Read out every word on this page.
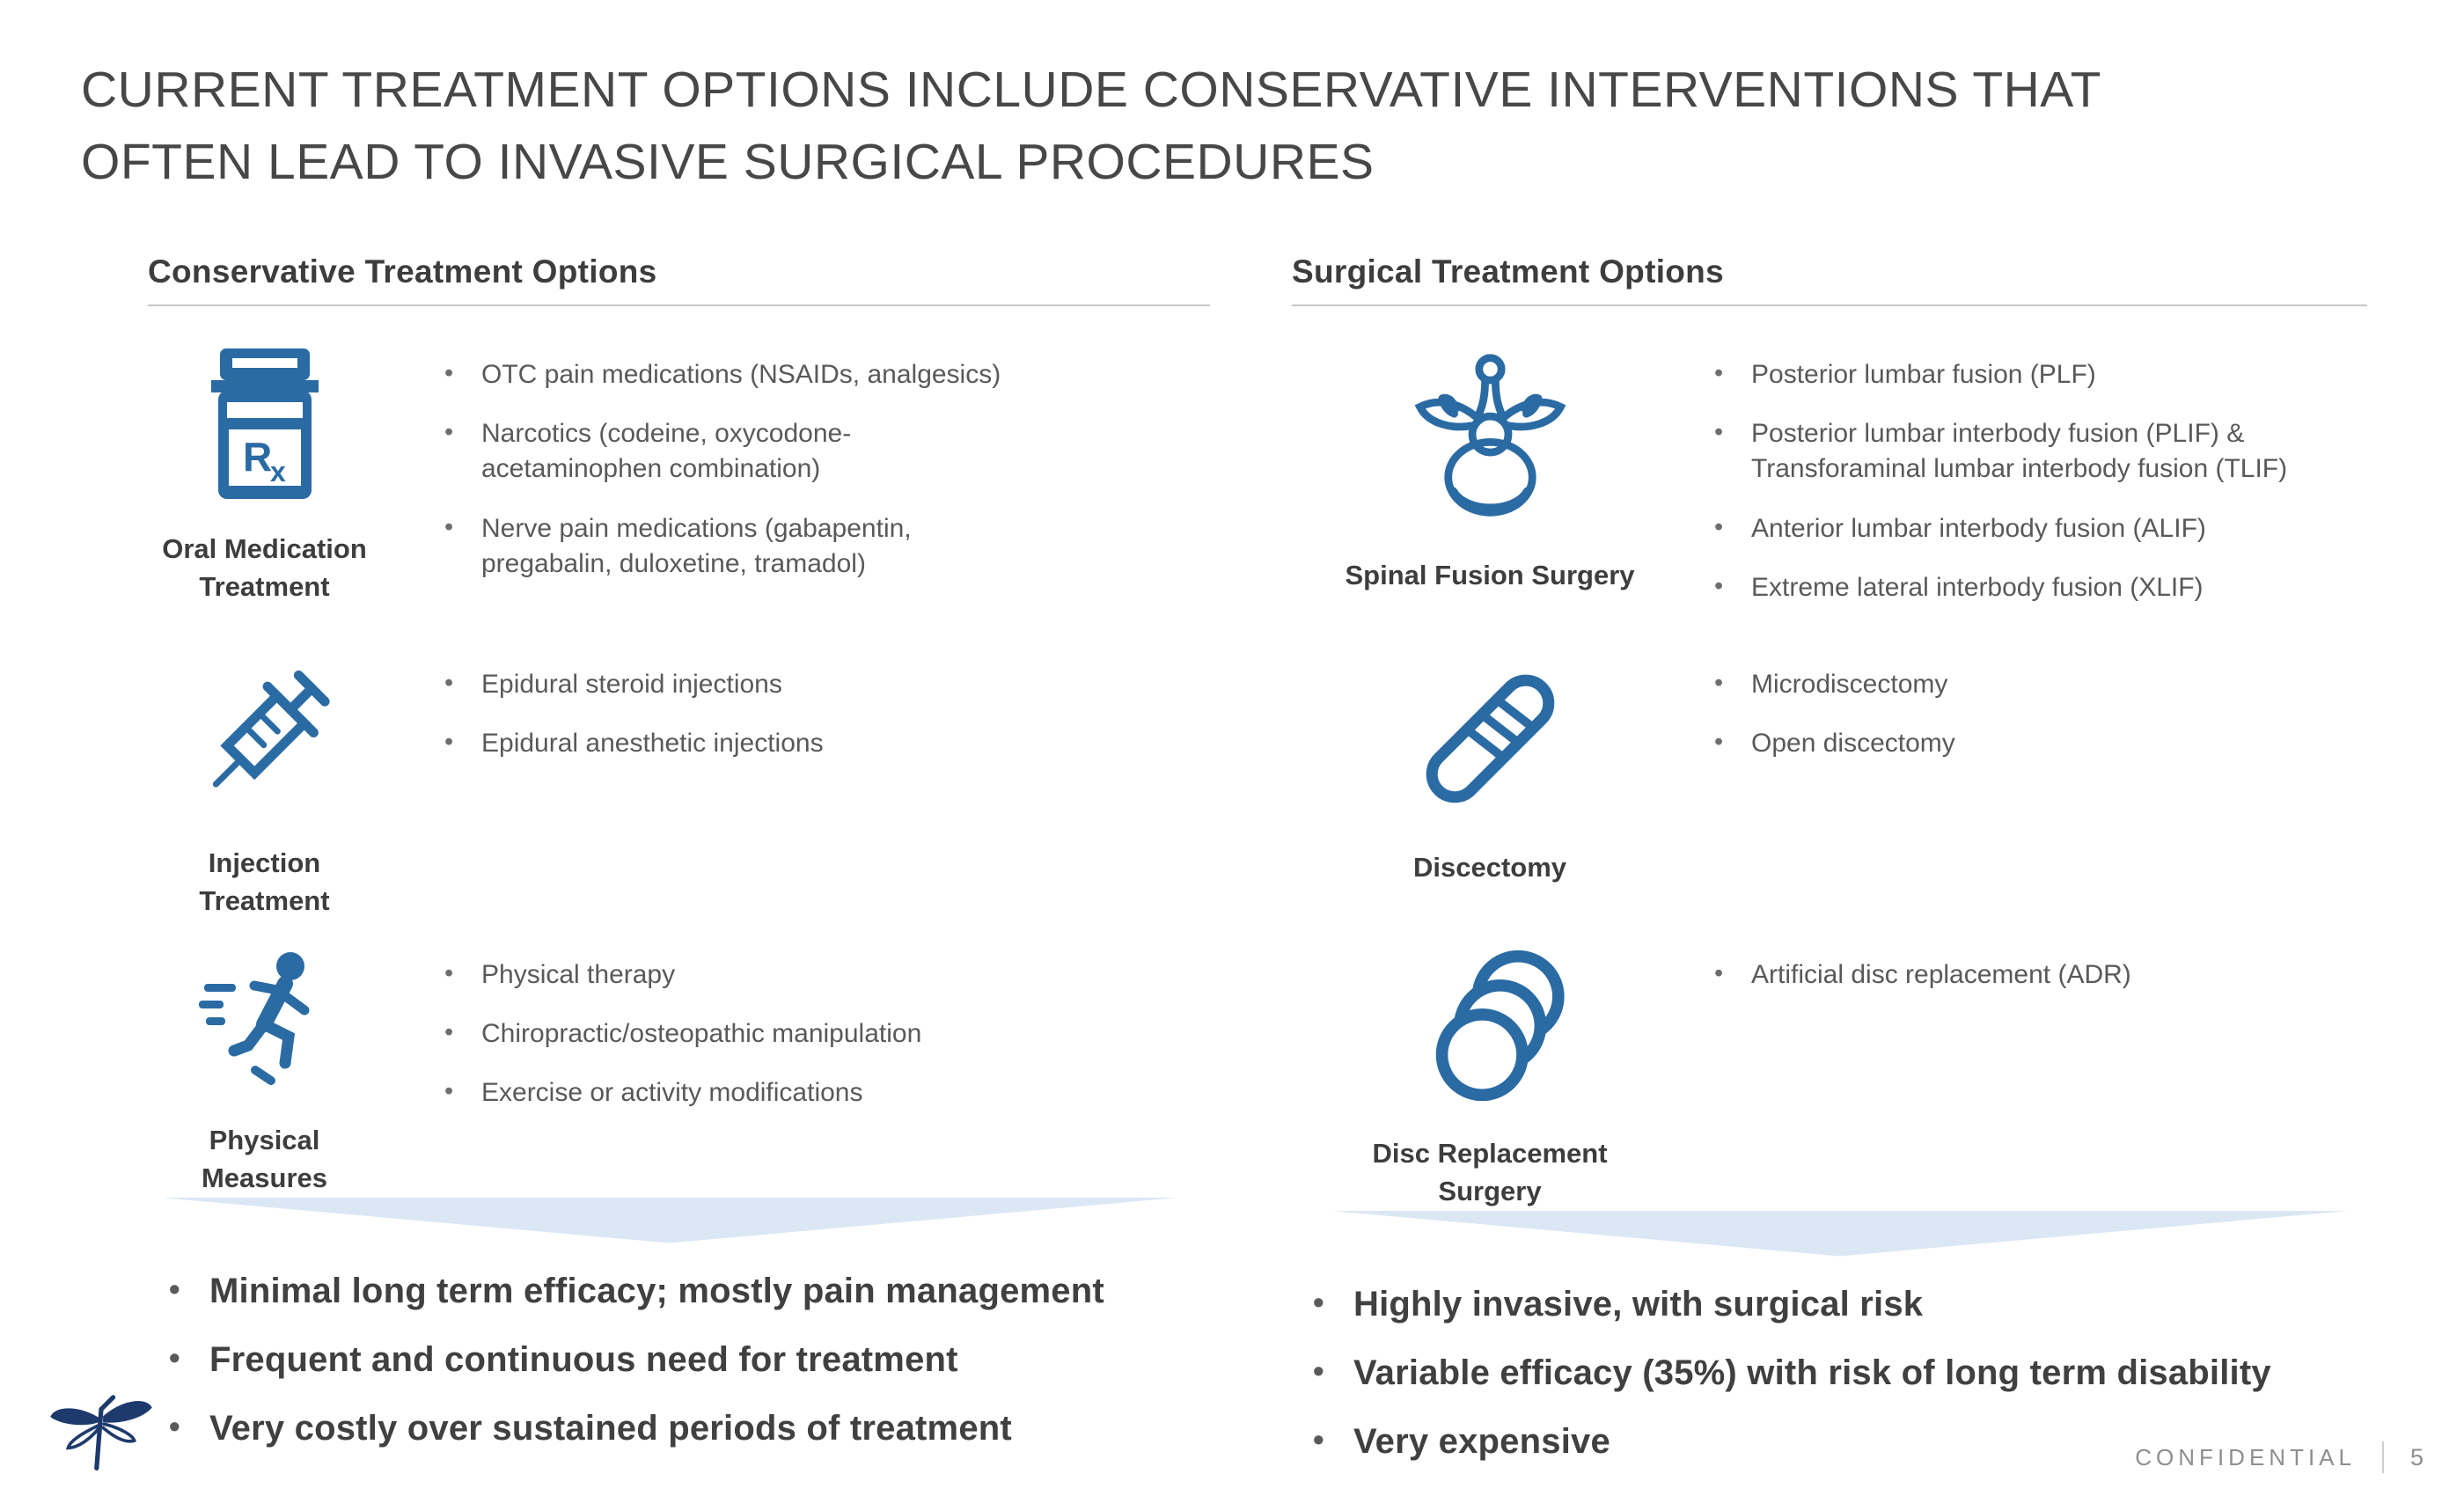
CURRENT TREATMENT OPTIONS INCLUDE CONSERVATIVE INTERVENTIONS THAT
OFTEN LEAD TO INVASIVE SURGICAL PROCEDURES
Conservative Treatment Options
R
x
Oral Medication
Treatment
• OTC pain medications (NSAIDs, analgesics)
• Narcotics (codeine, oxycodone-acetaminophen combination)
• Nerve pain medications (gabapentin, pregabalin, duloxetine, tramadol)
Injection
Treatment
• Epidural steroid injections
• Epidural anesthetic injections
Physical
Measures
• Physical therapy
• Chiropractic/osteopathic manipulation
• Exercise or activity modifications
• Minimal long term efficacy; mostly pain management
• Frequent and continuous need for treatment
• Very costly over sustained periods of treatment
Surgical Treatment Options
Spinal Fusion Surgery
• Posterior lumbar fusion (PLF)
• Posterior lumbar interbody fusion (PLIF) & Transforaminal lumbar interbody fusion (TLIF)
• Anterior lumbar interbody fusion (ALIF)
• Extreme lateral interbody fusion (XLIF)
Discectomy
• Microdiscectomy
• Open discectomy
Disc Replacement
Surgery
• Artificial disc replacement (ADR)
• Highly invasive, with surgical risk
• Variable efficacy (35%) with risk of long term disability
• Very expensive	CONFIDENTIAL 5
